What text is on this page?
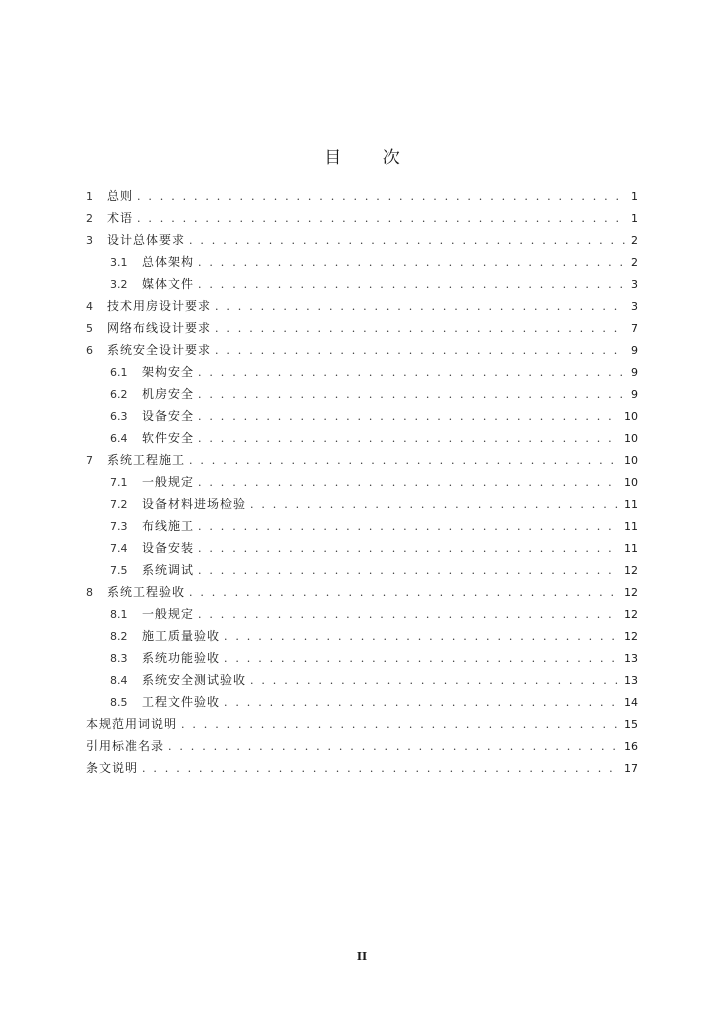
目 次
1	总则 . . .	1
2	术语 . . .	1
3	设计总体要求 . . .	2
3.1	总体架构 . . .	2
3.2	媒体文件 . . .	3
4	技术用房设计要求 . . .	3
5	网络布线设计要求 . . .	7
6	系统安全设计要求 . . .	9
6.1	架构安全 . . .	9
6.2	机房安全 . . .	9
6.3	设备安全 . . .	10
6.4	软件安全 . . .	10
7	系统工程施工 . . .	10
7.1	一般规定 . . .	10
7.2	设备材料进场检验 . . .	11
7.3	布线施工 . . .	11
7.4	设备安装 . . .	11
7.5	系统调试 . . .	12
8	系统工程验收 . . .	12
8.1	一般规定 . . .	12
8.2	施工质量验收 . . .	12
8.3	系统功能验收 . . .	13
8.4	系统安全测试验收 . . .	13
8.5	工程文件验收 . . .	14
本规范用词说明 . . .	15
引用标准名录 . . .	16
条文说明 . . .	17
II
